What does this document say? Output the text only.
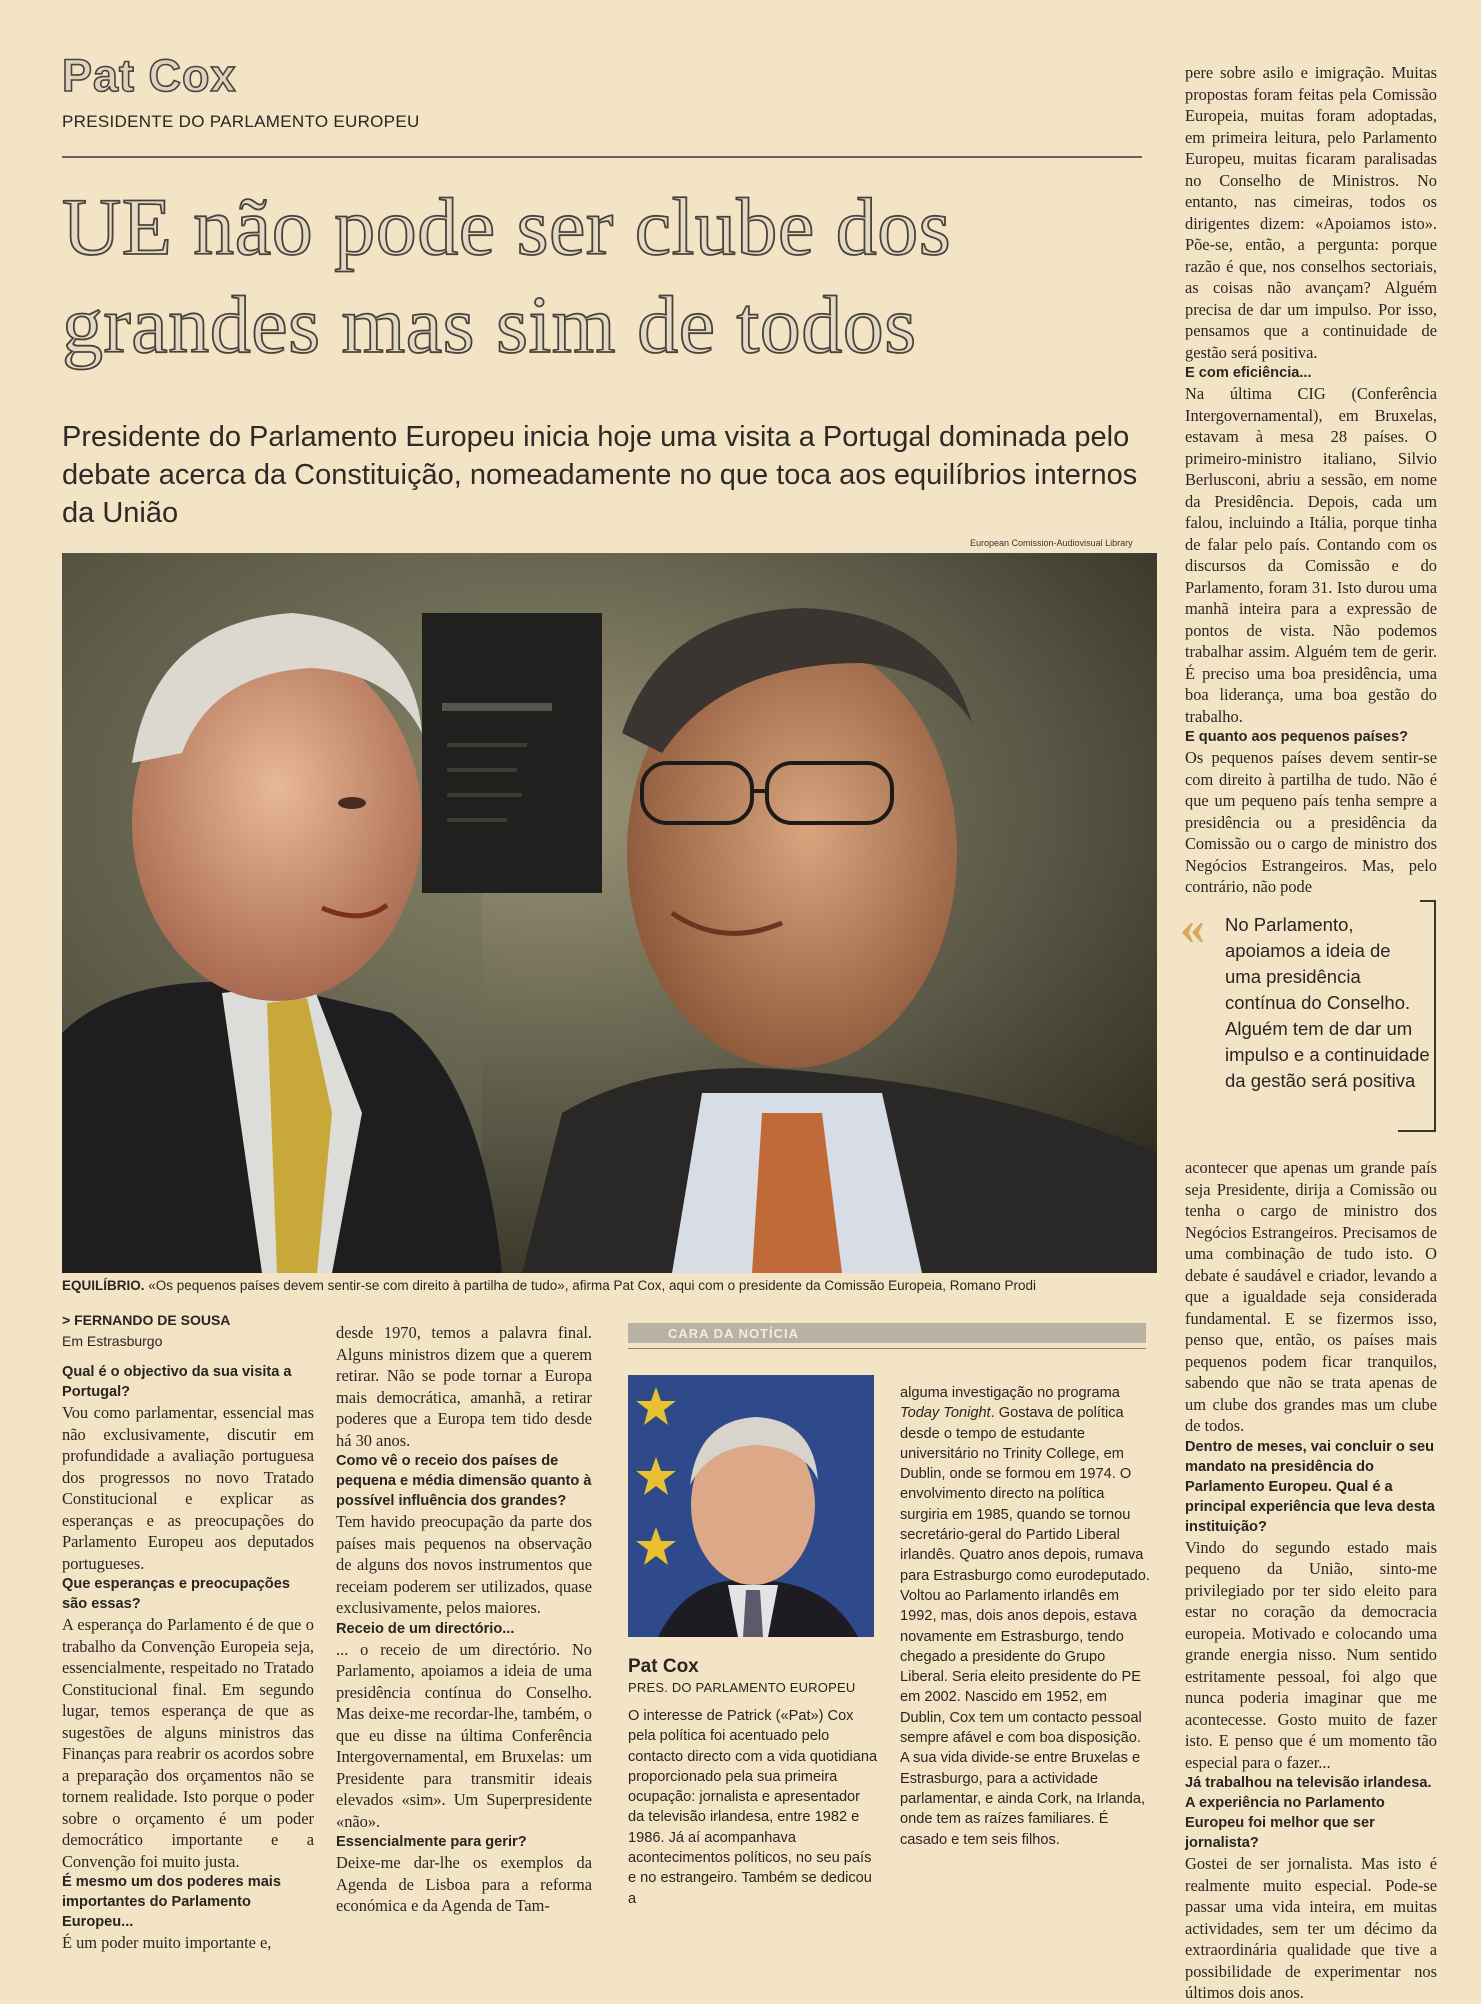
Pat Cox
PRESIDENTE DO PARLAMENTO EUROPEU
UE não pode ser clube dos grandes mas sim de todos
Presidente do Parlamento Europeu inicia hoje uma visita a Portugal dominada pelo debate acerca da Constituição, nomeadamente no que toca aos equilíbrios internos da União
European Comission-Audiovisual Library
EQUILÍBRIO. «Os pequenos países devem sentir-se com direito à partilha de tudo», afirma Pat Cox, aqui com o presidente da Comissão Europeia, Romano Prodi
> FERNANDO DE SOUSA
Em Estrasburgo

Qual é o objectivo da sua visita a Portugal?

Vou como parlamentar, essencial mas não exclusivamente, discutir em profundidade a avaliação portuguesa dos progressos no novo Tratado Constitucional e explicar as esperanças e as preocupações do Parlamento Europeu aos deputados portugueses.

Que esperanças e preocupações são essas?

A esperança do Parlamento é de que o trabalho da Convenção Europeia seja, essencialmente, respeitado no Tratado Constitucional final. Em segundo lugar, temos esperança de que as sugestões de alguns ministros das Finanças para reabrir os acordos sobre a preparação dos orçamentos não se tornem realidade. Isto porque o poder sobre o orçamento é um poder democrático importante e a Convenção foi muito justa.

É mesmo um dos poderes mais importantes do Parlamento Europeu...

É um poder muito importante e,

desde 1970, temos a palavra final. Alguns ministros dizem que a querem retirar. Não se pode tornar a Europa mais democrática, amanhã, a retirar poderes que a Europa tem tido desde há 30 anos.

Como vê o receio dos países de pequena e média dimensão quanto à possível influência dos grandes?

Tem havido preocupação da parte dos países mais pequenos na observação de alguns dos novos instrumentos que receiam poderem ser utilizados, quase exclusivamente, pelos maiores.

Receio de um directório...

... o receio de um directório. No Parlamento, apoiamos a ideia de uma presidência contínua do Conselho. Mas deixe-me recordar-lhe, também, o que eu disse na última Conferência Intergovernamental, em Bruxelas: um Presidente para transmitir ideais elevados «sim». Um Superpresidente «não».

Essencialmente para gerir?

Deixe-me dar-lhe os exemplos da Agenda de Lisboa para a reforma económica e da Agenda de Tam-

pere sobre asilo e imigração. Muitas propostas foram feitas pela Comissão Europeia, muitas foram adoptadas, em primeira leitura, pelo Parlamento Europeu, muitas ficaram paralisadas no Conselho de Ministros. No entanto, nas cimeiras, todos os dirigentes dizem: «Apoiamos isto». Põe-se, então, a pergunta: porque razão é que, nos conselhos sectoriais, as coisas não avançam? Alguém precisa de dar um impulso. Por isso, pensamos que a continuidade de gestão será positiva.

E com eficiência...

Na última CIG (Conferência Intergovernamental), em Bruxelas, estavam à mesa 28 países. O primeiro-ministro italiano, Silvio Berlusconi, abriu a sessão, em nome da Presidência. Depois, cada um falou, incluindo a Itália, porque tinha de falar pelo país. Contando com os discursos da Comissão e do Parlamento, foram 31. Isto durou uma manhã inteira para a expressão de pontos de vista. Não podemos trabalhar assim. Alguém tem de gerir. É preciso uma boa presidência, uma boa liderança, uma boa gestão do trabalho.

E quanto aos pequenos países?

Os pequenos países devem sentir-se com direito à partilha de tudo. Não é que um pequeno país tenha sempre a presidência ou a presidência da Comissão ou o cargo de ministro dos Negócios Estrangeiros. Mas, pelo contrário, não pode

« No Parlamento, apoiamos a ideia de uma presidência contínua do Conselho. Alguém tem de dar um impulso e a continuidade da gestão será positiva

acontecer que apenas um grande país seja Presidente, dirija a Comissão ou tenha o cargo de ministro dos Negócios Estrangeiros. Precisamos de uma combinação de tudo isto. O debate é saudável e criador, levando a que a igualdade seja considerada fundamental. E se fizermos isso, penso que, então, os países mais pequenos podem ficar tranquilos, sabendo que não se trata apenas de um clube dos grandes mas um clube de todos.

Dentro de meses, vai concluir o seu mandato na presidência do Parlamento Europeu. Qual é a principal experiência que leva desta instituição?

Vindo do segundo estado mais pequeno da União, sinto-me privilegiado por ter sido eleito para estar no coração da democracia europeia. Motivado e colocando uma grande energia nisso. Num sentido estritamente pessoal, foi algo que nunca poderia imaginar que me acontecesse. Gosto muito de fazer isto. E penso que é um momento tão especial para o fazer...

Já trabalhou na televisão irlandesa. A experiência no Parlamento Europeu foi melhor que ser jornalista?

Gostei de ser jornalista. Mas isto é realmente muito especial. Pode-se passar uma vida inteira, em muitas actividades, sem ter um décimo da extraordinária qualidade que tive a possibilidade de experimentar nos últimos dois anos.

CARA DA NOTÍCIA
Pat Cox
PRES. DO PARLAMENTO EUROPEU
O interesse de Patrick («Pat») Cox pela política foi acentuado pelo contacto directo com a vida quotidiana proporcionado pela sua primeira ocupação: jornalista e apresentador da televisão irlandesa, entre 1982 e 1986. Já aí acompanhava acontecimentos políticos, no seu país e no estrangeiro. Também se dedicou a
alguma investigação no programa Today Tonight. Gostava de política desde o tempo de estudante universitário no Trinity College, em Dublin, onde se formou em 1974. O envolvimento directo na política surgiria em 1985, quando se tornou secretário-geral do Partido Liberal irlandês. Quatro anos depois, rumava para Estrasburgo como eurodeputado. Voltou ao Parlamento irlandês em 1992, mas, dois anos depois, estava novamente em Estrasburgo, tendo chegado a presidente do Grupo Liberal. Seria eleito presidente do PE em 2002. Nascido em 1952, em Dublin, Cox tem um contacto pessoal sempre afável e com boa disposição. A sua vida divide-se entre Bruxelas e Estrasburgo, para a actividade parlamentar, e ainda Cork, na Irlanda, onde tem as raízes familiares. É casado e tem seis filhos.
